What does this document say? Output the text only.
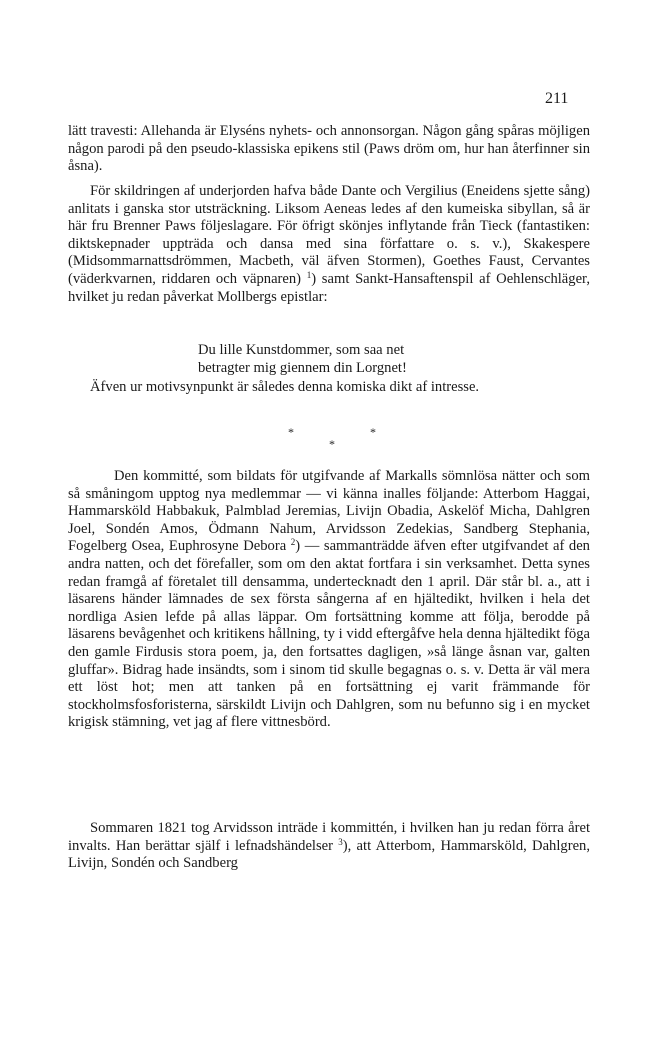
211

lätt travesti: Allehanda är Elyséns nyhets- och annonsorgan. Någon gång spåras möjligen någon parodi på den pseudo-klassiska epikens stil (Paws dröm om, hur han återfinner sin åsna).

För skildringen af underjorden hafva både Dante och Vergilius (Eneidens sjette sång) anlitats i ganska stor utsträckning. Liksom Aeneas ledes af den kumeiska sibyllan, så är här fru Brenner Paws följeslagare. För öfrigt skönjes inflytande från Tieck (fantastiken: diktskepnader uppträda och dansa med sina författare o. s. v.), Skakespere (Midsommarnattsdrömmen, Macbeth, väl äfven Stormen), Goethes Faust, Cervantes (väderkvarnen, riddaren och väpnaren) $^1$) samt Sankt-Hansaftenspil af Oehlenschläger, hvilket ju redan påverkat Mollbergs epistlar:

Du lille Kunstdommer, som saa net
betragter mig giennem din Lorgnet!

Äfven ur motivsynpunkt är således denna komiska dikt af intresse.

*	*
*

Den kommitté, som bildats för utgifvande af Markalls sömnlösa nätter och som så småningom upptog nya medlemmar — vi känna inalles följande: Atterbom Haggai, Hammarsköld Habbakuk, Palmblad Jeremias, Livijn Obadia, Askelöf Micha, Dahlgren Joel, Sondén Amos, Ödmann Nahum, Arvidsson Zedekias, Sandberg Stephania, Fogelberg Osea, Euphrosyne Debora $^2$) — sammanträdde äfven efter utgifvandet af den andra natten, och det förefaller, som om den aktat fortfara i sin verksamhet. Detta synes redan framgå af företalet till densamma, undertecknadt den 1 april. Där står bl. a., att i läsarens händer lämnades de sex första sångerna af en hjältedikt, hvilken i hela det nordliga Asien lefde på allas läppar. Om fortsättning komme att följa, berodde på läsarens bevågenhet och kritikens hållning, ty i vidd eftergåfve hela denna hjältedikt föga den gamle Firdusis stora poem, ja, den fortsattes dagligen, »så länge åsnan var, galten gluffar». Bidrag hade insändts, som i sinom tid skulle begagnas o. s. v. Detta är väl mera ett löst hot; men att tanken på en fortsättning ej varit främmande för stockholmsfosforisterna, särskildt Livijn och Dahlgren, som nu befunno sig i en mycket krigisk stämning, vet jag af flere vittnesbörd.

Sommaren 1821 tog Arvidsson inträde i kommittén, i hvilken han ju redan förra året invalts. Han berättar själf i lefnadshändelser $^3$), att Atterbom, Hammarsköld, Dahlgren, Livijn, Sondén och Sandberg
